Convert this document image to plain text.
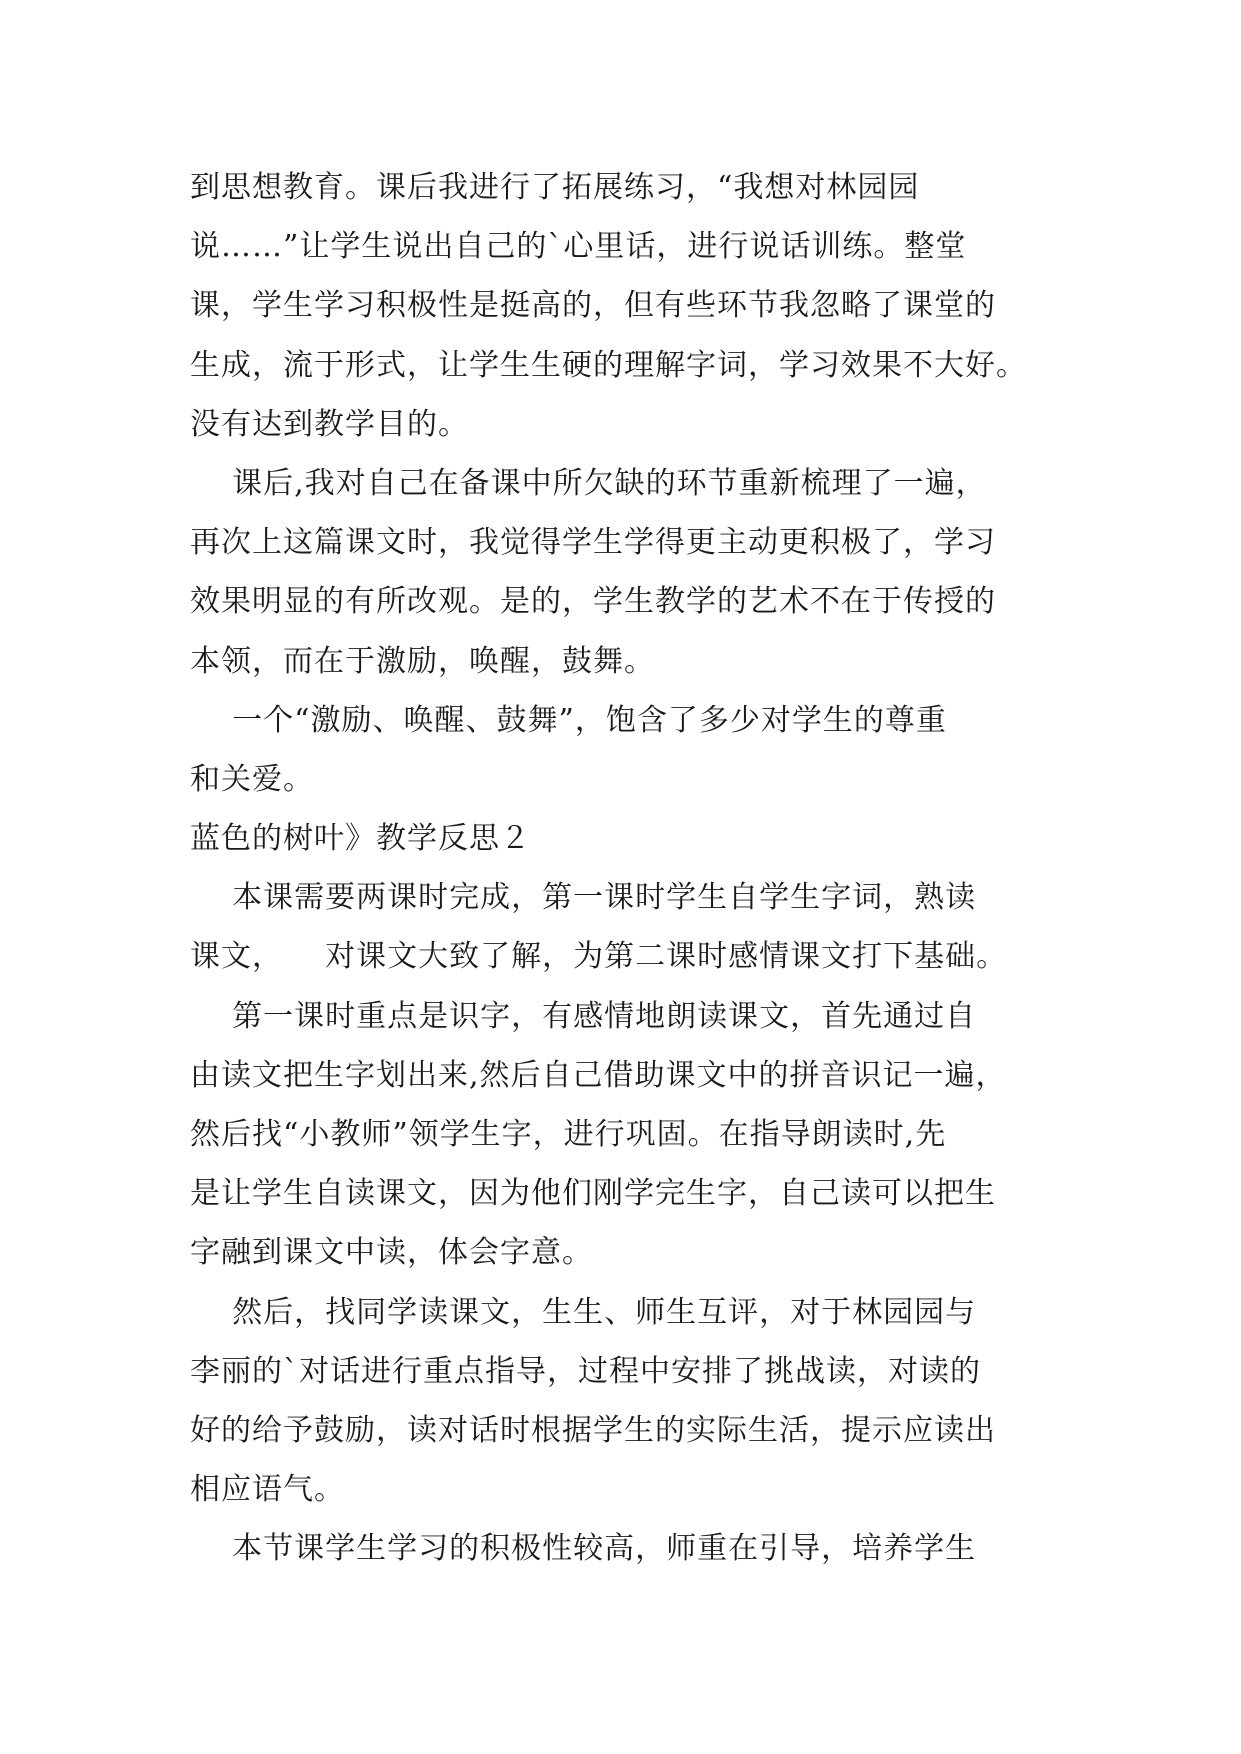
到思想教育。课后我进行了拓展练习，“我想对林园园
说……”让学生说出自己的`心里话，进行说话训练。整堂
课，学生学习积极性是挺高的，但有些环节我忽略了课堂的
生成，流于形式，让学生生硬的理解字词，学习效果不大好。
没有达到教学目的。
课后,我对自己在备课中所欠缺的环节重新梳理了一遍，
再次上这篇课文时，我觉得学生学得更主动更积极了，学习
效果明显的有所改观。是的，学生教学的艺术不在于传授的
本领，而在于激励，唤醒，鼓舞。
一个“激励、唤醒、鼓舞”，饱含了多少对学生的尊重
和关爱。
蓝色的树叶》教学反思２
本课需要两课时完成，第一课时学生自学生字词，熟读
课文，    对课文大致了解，为第二课时感情课文打下基础。
第一课时重点是识字，有感情地朗读课文，首先通过自
由读文把生字划出来,然后自己借助课文中的拼音识记一遍，
然后找“小教师”领学生字，进行巩固。在指导朗读时,先
是让学生自读课文，因为他们刚学完生字，自己读可以把生
字融到课文中读，体会字意。
然后，找同学读课文，生生、师生互评，对于林园园与
李丽的`对话进行重点指导，过程中安排了挑战读，对读的
好的给予鼓励，读对话时根据学生的实际生活，提示应读出
相应语气。
本节课学生学习的积极性较高，师重在引导，培养学生
